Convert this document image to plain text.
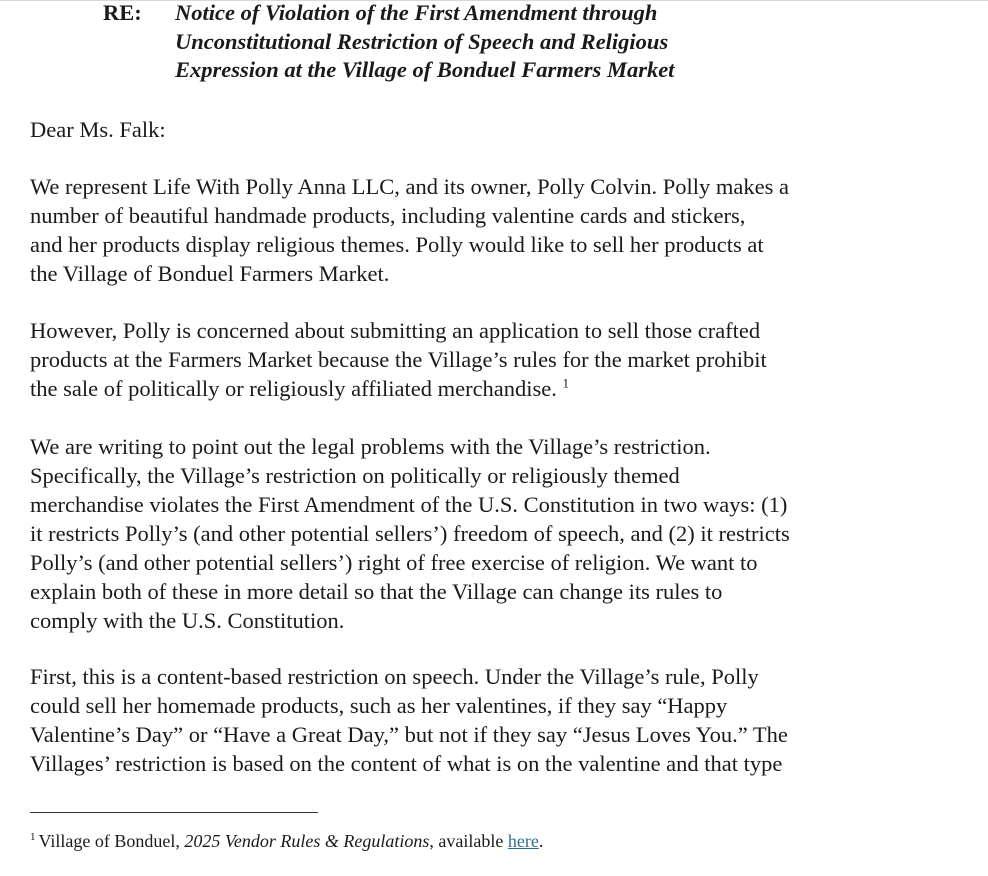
RE: Notice of Violation of the First Amendment through
Unconstitutional Restriction of Speech and Religious
Expression at the Village of Bonduel Farmers Market
Dear Ms. Falk:
We represent Life With Polly Anna LLC, and its owner, Polly Colvin. Polly makes a
number of beautiful handmade products, including valentine cards and stickers,
and her products display religious themes. Polly would like to sell her products at
the Village of Bonduel Farmers Market.
However, Polly is concerned about submitting an application to sell those crafted
products at the Farmers Market because the Village’s rules for the market prohibit
the sale of politically or religiously affiliated merchandise. $^1$
We are writing to point out the legal problems with the Village’s restriction.
Specifically, the Village’s restriction on politically or religiously themed
merchandise violates the First Amendment of the U.S. Constitution in two ways: (1)
it restricts Polly’s (and other potential sellers’) freedom of speech, and (2) it restricts
Polly’s (and other potential sellers’) right of free exercise of religion. We want to
explain both of these in more detail so that the Village can change its rules to
comply with the U.S. Constitution.
First, this is a content-based restriction on speech. Under the Village’s rule, Polly
could sell her homemade products, such as her valentines, if they say “Happy
Valentine’s Day” or “Have a Great Day,” but not if they say “Jesus Loves You.” The
Villages’ restriction is based on the content of what is on the valentine and that type
$^1$ Village of Bonduel, 2025 Vendor Rules & Regulations, available here.
